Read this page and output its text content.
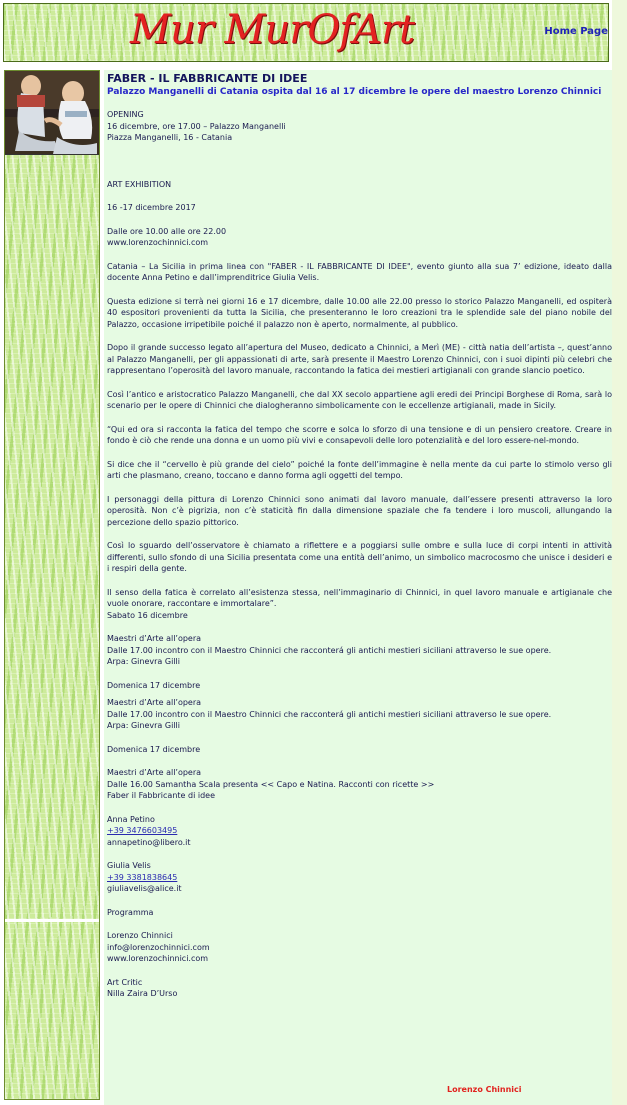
Mur MurOfArt	Home Page

FABER - IL FABBRICANTE DI IDEE

Palazzo Manganelli di Catania ospita dal 16 al 17 dicembre le opere del maestro Lorenzo Chinnici

OPENING
16 dicembre, ore 17.00 – Palazzo Manganelli
Piazza Manganelli, 16 - Catania

ART EXHIBITION

16 -17 dicembre 2017

Dalle ore 10.00 alle ore 22.00
www.lorenzochinnici.com

Catania – La Sicilia in prima linea con "FABER - IL FABBRICANTE DI IDEE", evento giunto alla sua 7’ edizione, ideato dalla docente Anna Petino e dall’imprenditrice Giulia Velis.

Questa edizione si terrà nei giorni 16 e 17 dicembre, dalle 10.00 alle 22.00 presso lo storico Palazzo Manganelli, ed ospiterà 40 espositori provenienti da tutta la Sicilia, che presenteranno le loro creazioni tra le splendide sale del piano nobile del Palazzo, occasione irripetibile poiché il palazzo non è aperto, normalmente, al pubblico.

Dopo il grande successo legato all’apertura del Museo, dedicato a Chinnici, a Merì (ME) - città natia dell’artista –, quest’anno al Palazzo Manganelli, per gli appassionati di arte, sarà presente il Maestro Lorenzo Chinnici, con i suoi dipinti più celebri che rappresentano l’operosità del lavoro manuale, raccontando la fatica dei mestieri artigianali con grande slancio poetico.

Così l’antico e aristocratico Palazzo Manganelli, che dal XX secolo appartiene agli eredi dei Principi Borghese di Roma, sarà lo scenario per le opere di Chinnici che dialogheranno simbolicamente con le eccellenze artigianali, made in Sicily.

“Qui ed ora si racconta la fatica del tempo che scorre e solca lo sforzo di una tensione e di un pensiero creatore. Creare in fondo è ciò che rende una donna e un uomo più vivi e consapevoli delle loro potenzialità e del loro essere-nel-mondo.

Si dice che il “cervello è più grande del cielo” poiché la fonte dell’immagine è nella mente da cui parte lo stimolo verso gli arti che plasmano, creano, toccano e danno forma agli oggetti del tempo.

I personaggi della pittura di Lorenzo Chinnici sono animati dal lavoro manuale, dall’essere presenti attraverso la loro operosità. Non c’è pigrizia, non c’è staticità fin dalla dimensione spaziale che fa tendere i loro muscoli, allungando la percezione dello spazio pittorico.

Così lo sguardo dell’osservatore è chiamato a riflettere e a poggiarsi sulle ombre e sulla luce di corpi intenti in attività differenti, sullo sfondo di una Sicilia presentata come una entità dell’animo, un simbolico macrocosmo che unisce i desideri e i respiri della gente.

Il senso della fatica è correlato all’esistenza stessa, nell’immaginario di Chinnici, in quel lavoro manuale e artigianale che vuole onorare, raccontare e immortalare”.

Sabato 16 dicembre

Maestri d’Arte all’opera
Dalle 17.00 incontro con il Maestro Chinnici che racconterá gli antichi mestieri siciliani attraverso le sue opere.
Arpa: Ginevra Gilli

Domenica 17 dicembre

Maestri d’Arte all’opera
Dalle 17.00 incontro con il Maestro Chinnici che racconterá gli antichi mestieri siciliani attraverso le sue opere.
Arpa: Ginevra Gilli

Domenica 17 dicembre

Maestri d’Arte all’opera
Dalle 16.00 Samantha Scala presenta << Capo e Natina. Racconti con ricette >>
Faber il Fabbricante di idee

Anna Petino
+39 3476603495
annapetino@libero.it

Giulia Velis
+39 3381838645
giuliavelis@alice.it

Programma

Lorenzo Chinnici
info@lorenzochinnici.com
www.lorenzochinnici.com

Art Critic
Nilla Zaira D’Urso

Lorenzo Chinnici
